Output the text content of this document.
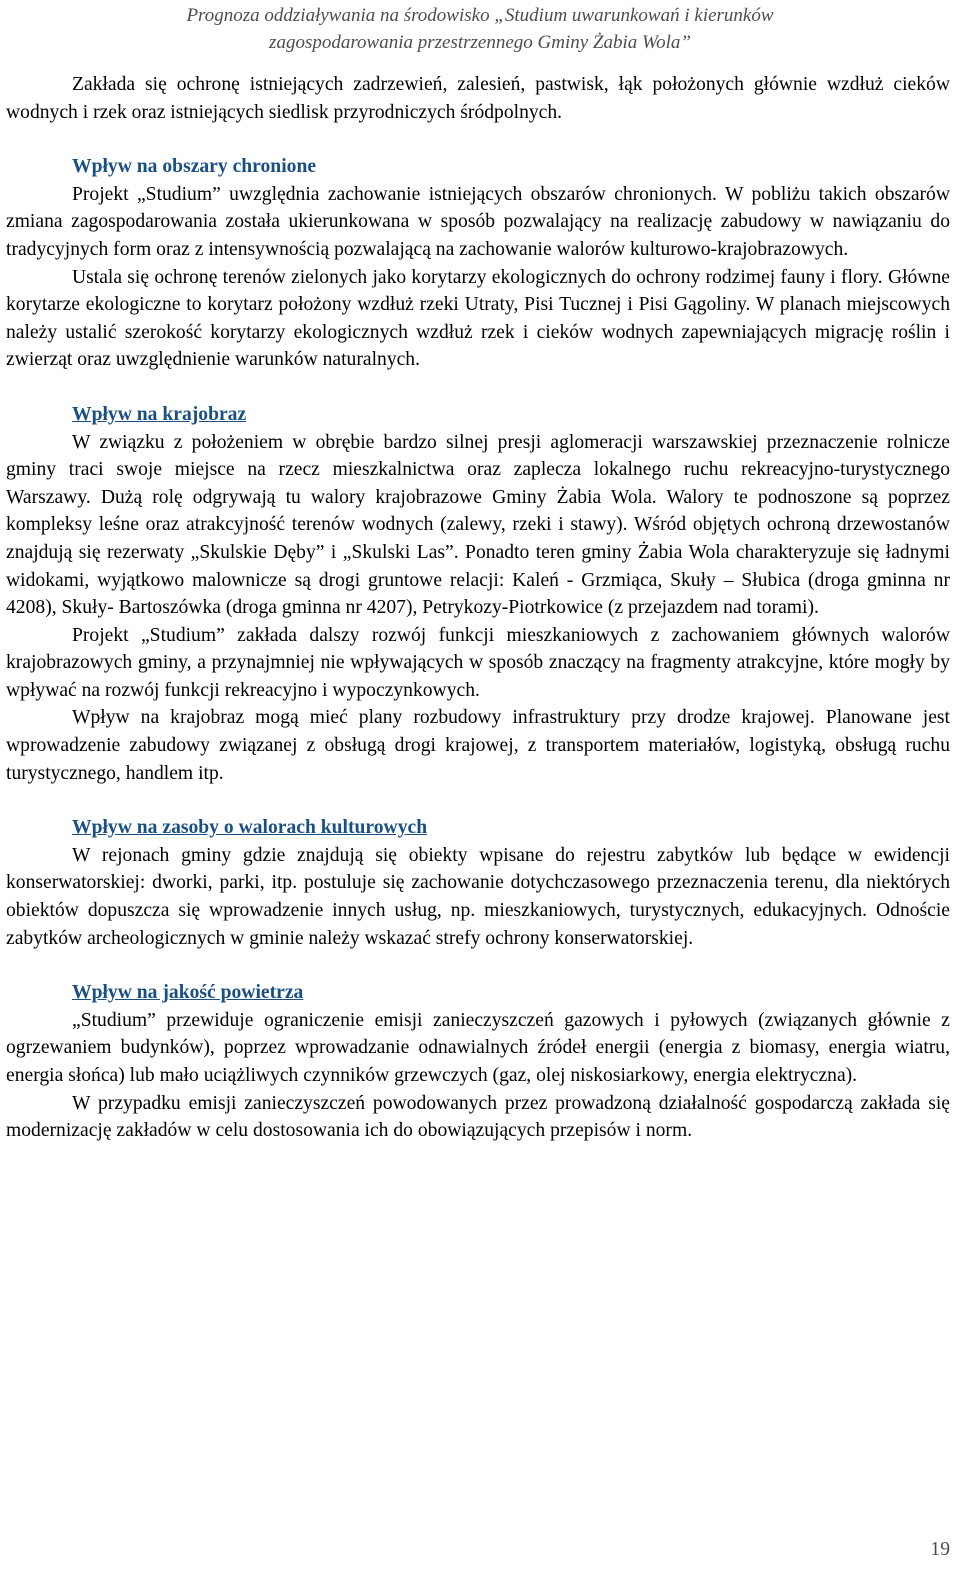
Prognoza oddziaływania na środowisko „Studium uwarunkowań i kierunków
zagospodarowania przestrzennego Gminy Żabia Wola”

Zakłada się ochronę istniejących zadrzewień, zalesień, pastwisk, łąk położonych głównie wzdłuż cieków wodnych i rzek oraz istniejących siedlisk przyrodniczych śródpolnych.

Wpływ na obszary chronione

Projekt „Studium” uwzględnia zachowanie istniejących obszarów chronionych. W pobliżu takich obszarów zmiana zagospodarowania została ukierunkowana w sposób pozwalający na realizację zabudowy w nawiązaniu do tradycyjnych form oraz z intensywnością pozwalającą na zachowanie walorów kulturowo-krajobrazowych.

Ustala się ochronę terenów zielonych jako korytarzy ekologicznych do ochrony rodzimej fauny i flory. Główne korytarze ekologiczne to korytarz położony wzdłuż rzeki Utraty, Pisi Tucznej i Pisi Gągoliny. W planach miejscowych należy ustalić szerokość korytarzy ekologicznych wzdłuż rzek i cieków wodnych zapewniających migrację roślin i zwierząt oraz uwzględnienie warunków naturalnych.

Wpływ na krajobraz

W związku z położeniem w obrębie bardzo silnej presji aglomeracji warszawskiej przeznaczenie rolnicze gminy traci swoje miejsce na rzecz mieszkalnictwa oraz zaplecza lokalnego ruchu rekreacyjno-turystycznego Warszawy. Dużą rolę odgrywają tu walory krajobrazowe Gminy Żabia Wola. Walory te podnoszone są poprzez kompleksy leśne oraz atrakcyjność terenów wodnych (zalewy, rzeki i stawy). Wśród objętych ochroną drzewostanów znajdują się rezerwaty „Skulskie Dęby” i „Skulski Las”. Ponadto teren gminy Żabia Wola charakteryzuje się ładnymi widokami, wyjątkowo malownicze są drogi gruntowe relacji: Kaleń - Grzmiąca, Skuły – Słubica (droga gminna nr 4208), Skuły- Bartoszówka (droga gminna nr 4207), Petrykozy-Piotrkowice (z przejazdem nad torami).

Projekt „Studium” zakłada dalszy rozwój funkcji mieszkaniowych z zachowaniem głównych walorów krajobrazowych gminy, a przynajmniej nie wpływających w sposób znaczący na fragmenty atrakcyjne, które mogły by wpływać na rozwój funkcji rekreacyjno i wypoczynkowych.

Wpływ na krajobraz mogą mieć plany rozbudowy infrastruktury przy drodze krajowej. Planowane jest wprowadzenie zabudowy związanej z obsługą drogi krajowej, z transportem materiałów, logistyką, obsługą ruchu turystycznego, handlem itp.

Wpływ na zasoby o walorach kulturowych

W rejonach gminy gdzie znajdują się obiekty wpisane do rejestru zabytków lub będące w ewidencji konserwatorskiej: dworki, parki, itp. postuluje się zachowanie dotychczasowego przeznaczenia terenu, dla niektórych obiektów dopuszcza się wprowadzenie innych usług, np. mieszkaniowych, turystycznych, edukacyjnych. Odnoście zabytków archeologicznych w gminie należy wskazać strefy ochrony konserwatorskiej.

Wpływ na jakość powietrza

„Studium” przewiduje ograniczenie emisji zanieczyszczeń gazowych i pyłowych (związanych głównie z ogrzewaniem budynków), poprzez wprowadzanie odnawialnych źródeł energii (energia z biomasy, energia wiatru, energia słońca) lub mało uciążliwych czynników grzewczych (gaz, olej niskosiarkowy, energia elektryczna).

W przypadku emisji zanieczyszczeń powodowanych przez prowadzoną działalność gospodarczą zakłada się modernizację zakładów w celu dostosowania ich do obowiązujących przepisów i norm.

19
